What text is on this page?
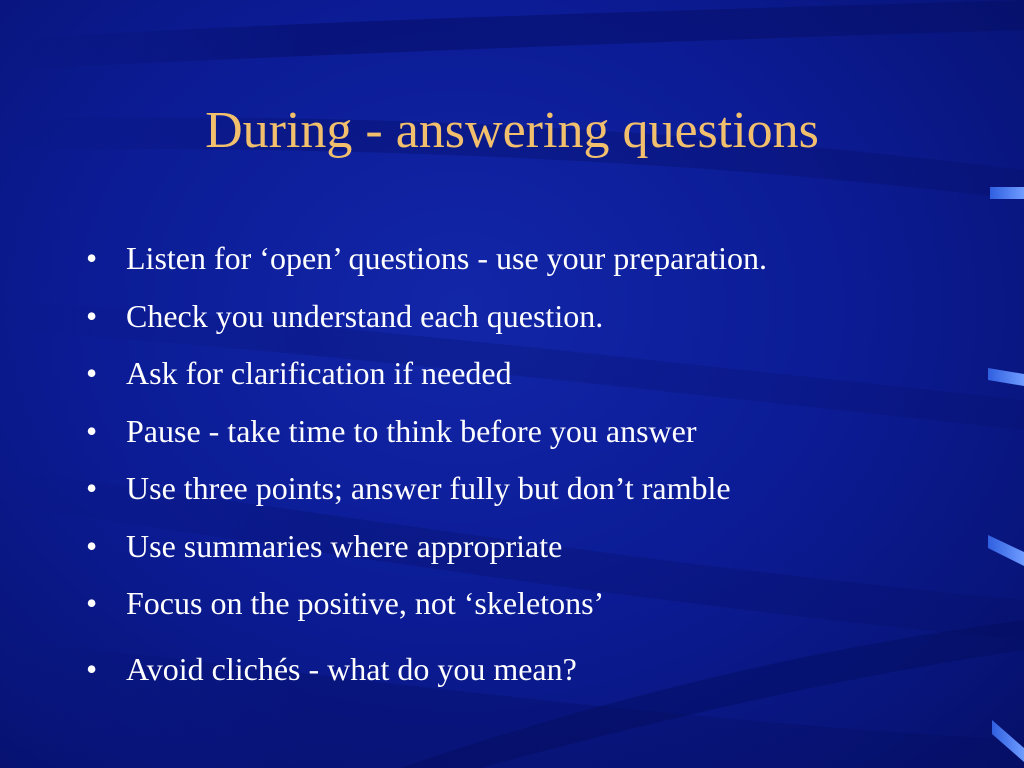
During - answering questions
• Listen for ‘open’ questions - use your preparation.
• Check you understand each question.
• Ask for clarification if needed
• Pause - take time to think before you answer
• Use three points; answer fully but don’t ramble
• Use summaries where appropriate
• Focus on the positive, not ‘skeletons’
• Avoid clichés - what do you mean?
